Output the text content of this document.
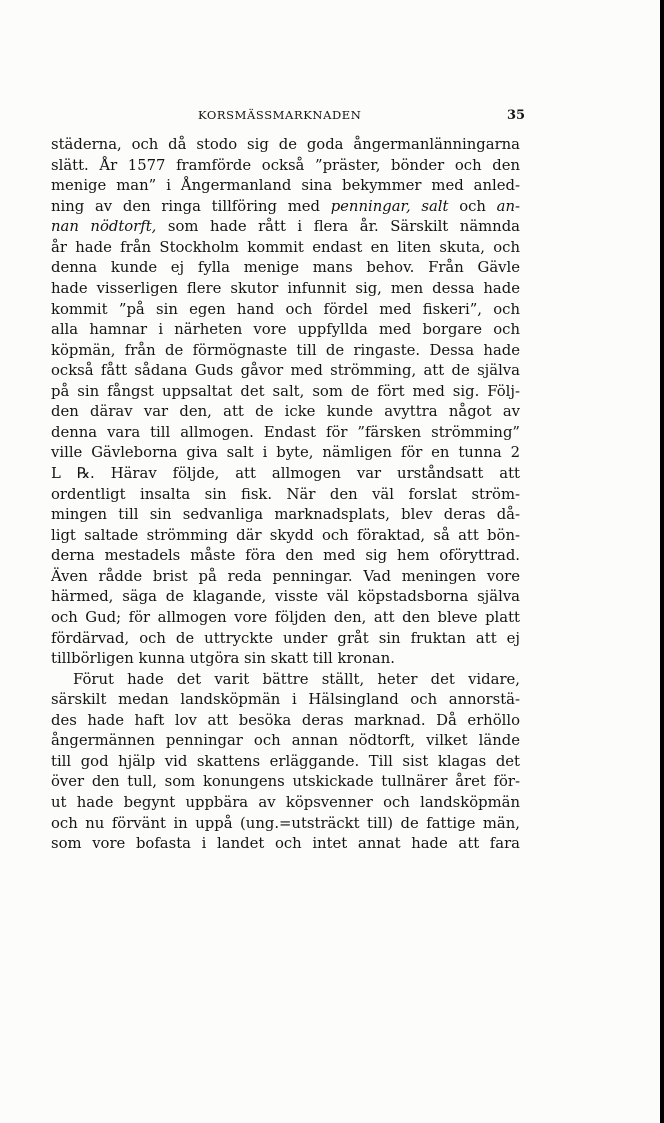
KORSMÄSSMARKNADEN	35
städerna, och då stodo sig de goda ångermanlänningarna
slätt. År 1577 framförde också ”präster, bönder och den
menige man” i Ångermanland sina bekymmer med anled-
ning av den ringa tillföring med penningar, salt och an-
nan nödtorft, som hade rått i flera år. Särskilt nämnda
år hade från Stockholm kommit endast en liten skuta, och
denna kunde ej fylla menige mans behov. Från Gävle
hade visserligen flere skutor infunnit sig, men dessa hade
kommit ”på sin egen hand och fördel med fiskeri”, och
alla hamnar i närheten vore uppfyllda med borgare och
köpmän, från de förmögnaste till de ringaste. Dessa hade
också fått sådana Guds gåvor med strömming, att de själva
på sin fångst uppsaltat det salt, som de fört med sig. Följ-
den därav var den, att de icke kunde avyttra något av
denna vara till allmogen. Endast för ”färsken strömming”
ville Gävleborna giva salt i byte, nämligen för en tunna 2
L ℞. Härav följde, att allmogen var urståndsatt att
ordentligt insalta sin fisk. När den väl forslat ström-
mingen till sin sedvanliga marknadsplats, blev deras då-
ligt saltade strömming där skydd och föraktad, så att bön-
derna mestadels måste föra den med sig hem oföryttrad.
Även rådde brist på reda penningar. Vad meningen vore
härmed, säga de klagande, visste väl köpstadsborna själva
och Gud; för allmogen vore följden den, att den bleve platt
fördärvad, och de uttryckte under gråt sin fruktan att ej
tillbörligen kunna utgöra sin skatt till kronan.
Förut hade det varit bättre ställt, heter det vidare,
särskilt medan landsköpmän i Hälsingland och annorstä-
des hade haft lov att besöka deras marknad. Då erhöllo
ångermännen penningar och annan nödtorft, vilket lände
till god hjälp vid skattens erläggande. Till sist klagas det
över den tull, som konungens utskickade tullnärer året för-
ut hade begynt uppbära av köpsvenner och landsköpmän
och nu förvänt in uppå (ung.=utsträckt till) de fattige män,
som vore bofasta i landet och intet annat hade att fara
